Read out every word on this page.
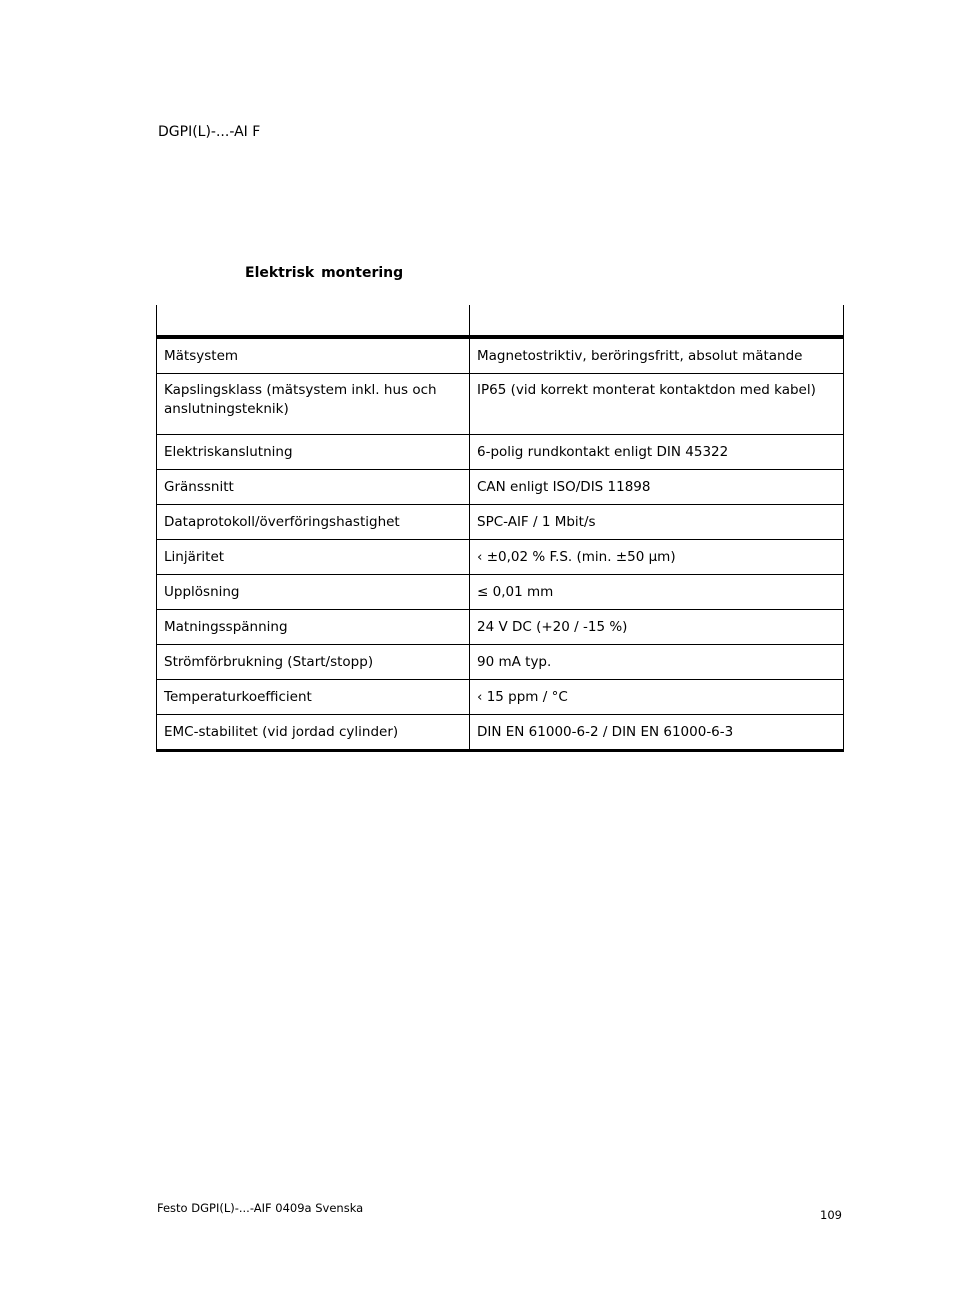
DGPI(L)-...-AI F
Elektrisk montering

Mätsystem	Magnetostriktiv, beröringsfritt, absolut mätande
Kapslingsklass (mätsystem inkl. hus och anslutningsteknik)	IP65 (vid korrekt monterat kontaktdon med kabel)
Elektriskanslutning	6-polig rundkontakt enligt DIN 45322
Gränssnitt	CAN enligt ISO/DIS 11898
Dataprotokoll/överföringshastighet	SPC-AIF / 1 Mbit/s
Linjäritet	‹ ±0,02 % F.S. (min. ±50 µm)
Upplösning	≤ 0,01 mm
Matningsspänning	24 V DC (+20 / -15 %)
Strömförbrukning (Start/stopp)	90 mA typ.
Temperaturkoefficient	‹ 15 ppm / °C
EMC-stabilitet (vid jordad cylinder)	DIN EN 61000-6-2 / DIN EN 61000-6-3
Festo DGPI(L)-...-AIF 0409a Svenska	109
